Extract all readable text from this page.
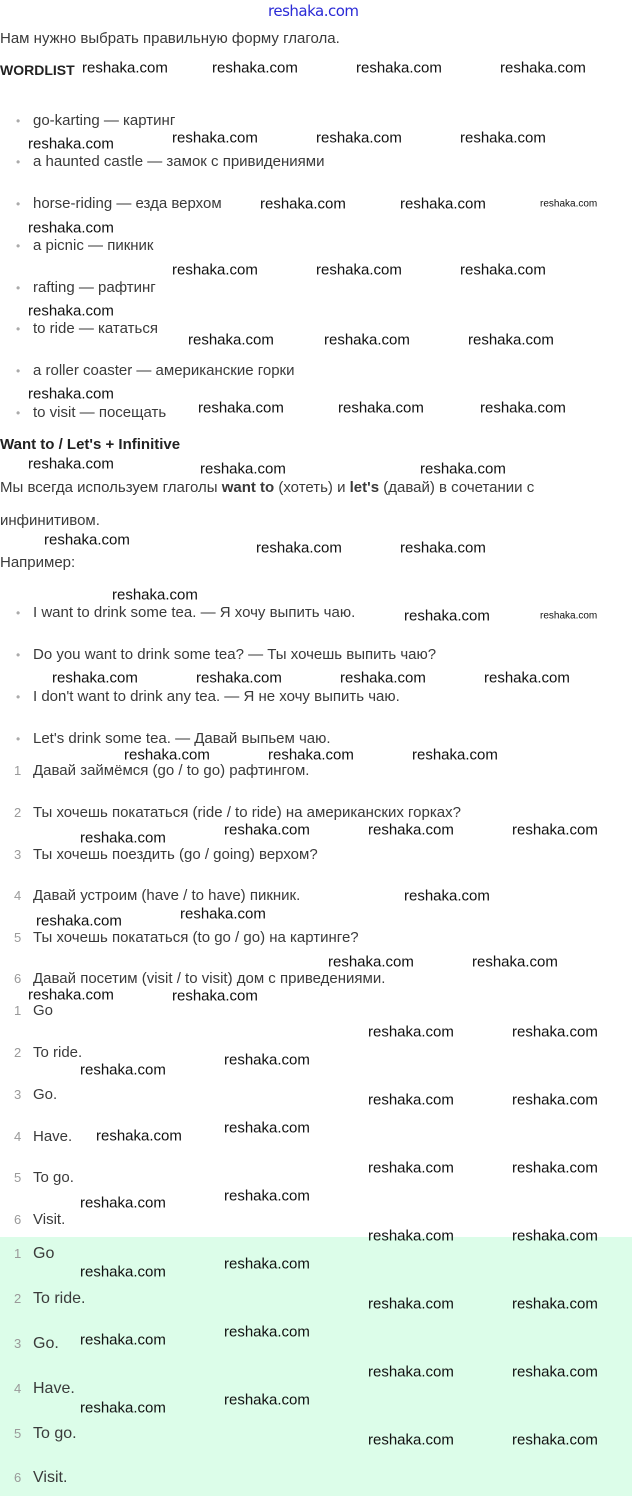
reshaka.com
Нам нужно выбрать правильную форму глагола.
WORDLIST
• go-karting — картинг
• a haunted castle — замок с привидениями
• horse-riding — езда верхом
• a picnic — пикник
• rafting — рафтинг
• to ride — кататься
• a roller coaster — американские горки
• to visit — посещать
Want to / Let's + Infinitive
Мы всегда используем глаголы want to (хотеть) и let's (давай) в сочетании с
инфинитивом.
Например:
• I want to drink some tea. — Я хочу выпить чаю.
• Do you want to drink some tea? — Ты хочешь выпить чаю?
• I don't want to drink any tea. — Я не хочу выпить чаю.
• Let's drink some tea. — Давай выпьем чаю.
1 Давай займёмся (go / to go) рафтингом.
2 Ты хочешь покататься (ride / to ride) на американских горках?
3 Ты хочешь поездить (go / going) верхом?
4 Давай устроим (have / to have) пикник.
5 Ты хочешь покататься (to go / go) на картинге?
6 Давай посетим (visit / to visit) дом с приведениями.
1 Go
2 To ride.
3 Go.
4 Have.
5 To go.
6 Visit.
1 Go
2 To ride.
3 Go.
4 Have.
5 To go.
6 Visit.
reshaka.com	reshaka.com	reshaka.com	reshaka.com
reshaka.com	reshaka.com	reshaka.com
reshaka.com
reshaka.com	reshaka.com	reshaka.com
reshaka.com
reshaka.com	reshaka.com	reshaka.com
reshaka.com
reshaka.com	reshaka.com	reshaka.com
reshaka.com
reshaka.com	reshaka.com	reshaka.com
reshaka.com	reshaka.com	reshaka.com
reshaka.com	reshaka.com	reshaka.com
reshaka.com
reshaka.com	reshaka.com
reshaka.com	reshaka.com	reshaka.com	reshaka.com
reshaka.com	reshaka.com	reshaka.com
reshaka.com	reshaka.com	reshaka.com
reshaka.com
reshaka.com
reshaka.com
reshaka.com
reshaka.com	reshaka.com
reshaka.com	reshaka.com
reshaka.com	reshaka.com
reshaka.com
reshaka.com
reshaka.com	reshaka.com
reshaka.com
reshaka.com
reshaka.com	reshaka.com
reshaka.com
reshaka.com
reshaka.com	reshaka.com
reshaka.com
reshaka.com
reshaka.com	reshaka.com
reshaka.com
reshaka.com
reshaka.com	reshaka.com
reshaka.com
reshaka.com
reshaka.com	reshaka.com
